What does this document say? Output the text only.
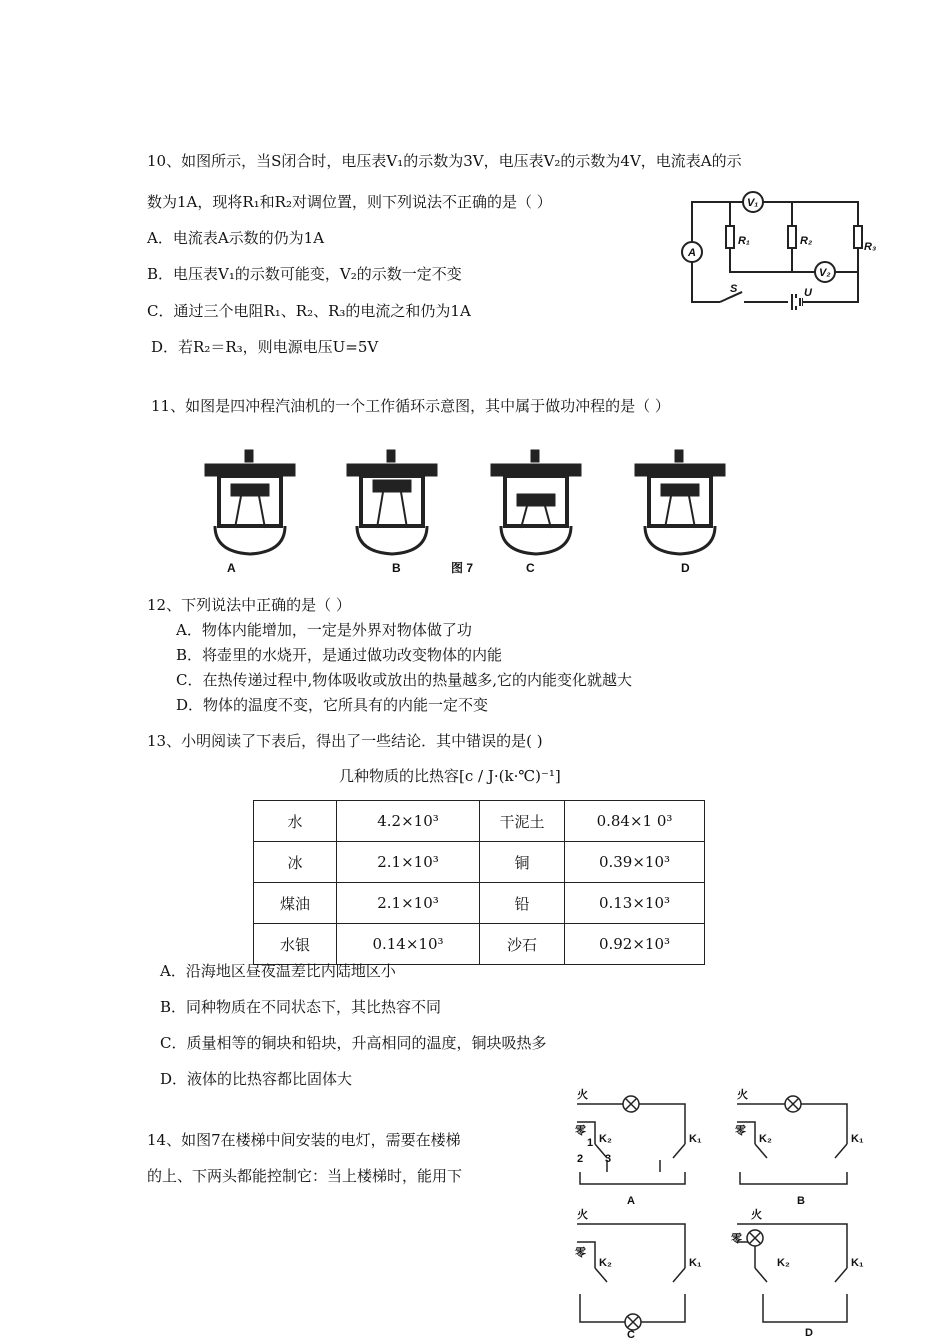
10、如图所示，当S闭合时，电压表V₁的示数为3V，电压表V₂的示数为4V，电流表A的示
数为1A，现将R₁和R₂对调位置，则下列说法不正确的是（ ）
A．电流表A示数的仍为1A
B．电压表V₁的示数可能变，V₂的示数一定不变
C．通过三个电阻R₁、R₂、R₃的电流之和仍为1A
D．若R₂＝R₃，则电源电压U=5V
V₁
V₂
A
R₁	R₂	R₃
S	U
11、如图是四冲程汽油机的一个工作循环示意图，其中属于做功冲程的是（ ）
A	B	图 7	C	D
12、下列说法中正确的是（ ）
A．物体内能增加，一定是外界对物体做了功
B．将壶里的水烧开，是通过做功改变物体的内能
C．在热传递过程中,物体吸收或放出的热量越多,它的内能变化就越大
D．物体的温度不变，它所具有的内能一定不变
13、小明阅读了下表后，得出了一些结论．其中错误的是( )
几种物质的比热容[c / J·(k·℃)⁻¹]
水	4.2×10³	干泥土	0.84×1 0³
冰	2.1×10³	铜	0.39×10³
煤油	2.1×10³	铅	0.13×10³
水银	0.14×10³	沙石	0.92×10³
A．沿海地区昼夜温差比内陆地区小
B．同种物质在不同状态下，其比热容不同
C．质量相等的铜块和铅块，升高相同的温度，铜块吸热多
D．液体的比热容都比固体大
14、如图7在楼梯中间安装的电灯，需要在楼梯
的上、下两头都能控制它：当上楼梯时，能用下
火
零
K₂	K₁
1
2 3
A
火
零
K₂	K₁
B
火
零
K₂	K₁
C
火
零
K₂	K₁
D
